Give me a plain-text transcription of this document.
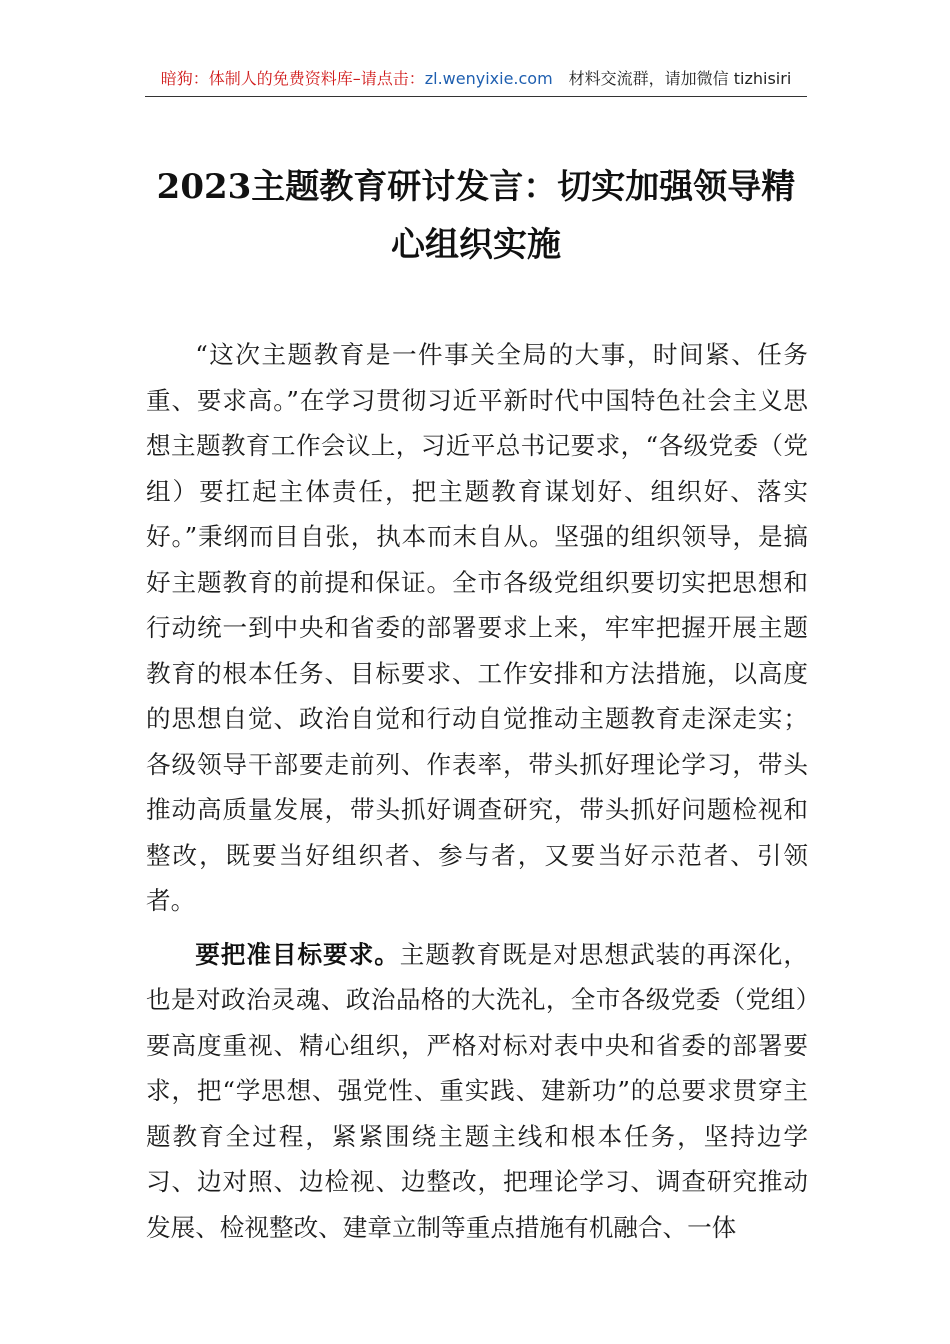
暗狗：体制人的免费资料库–请点击：zl.wenyixie.com 材料交流群，请加微信 tizhisiri
2023主题教育研讨发言：切实加强领导精
心组织实施

“这次主题教育是一件事关全局的大事，时间紧、任务重、要求高。”在学习贯彻习近平新时代中国特色社会主义思想主题教育工作会议上，习近平总书记要求，“各级党委（党组）要扛起主体责任，把主题教育谋划好、组织好、落实好。”秉纲而目自张，执本而末自从。坚强的组织领导，是搞好主题教育的前提和保证。全市各级党组织要切实把思想和行动统一到中央和省委的部署要求上来，牢牢把握开展主题教育的根本任务、目标要求、工作安排和方法措施，以高度的思想自觉、政治自觉和行动自觉推动主题教育走深走实；各级领导干部要走前列、作表率，带头抓好理论学习，带头推动高质量发展，带头抓好调查研究，带头抓好问题检视和整改，既要当好组织者、参与者，又要当好示范者、引领者。

要把准目标要求。主题教育既是对思想武装的再深化，也是对政治灵魂、政治品格的大洗礼，全市各级党委（党组）要高度重视、精心组织，严格对标对表中央和省委的部署要求，把“学思想、强党性、重实践、建新功”的总要求贯穿主题教育全过程，紧紧围绕主题主线和根本任务，坚持边学习、边对照、边检视、边整改，把理论学习、调查研究推动发展、检视整改、建章立制等重点措施有机融合、一体
